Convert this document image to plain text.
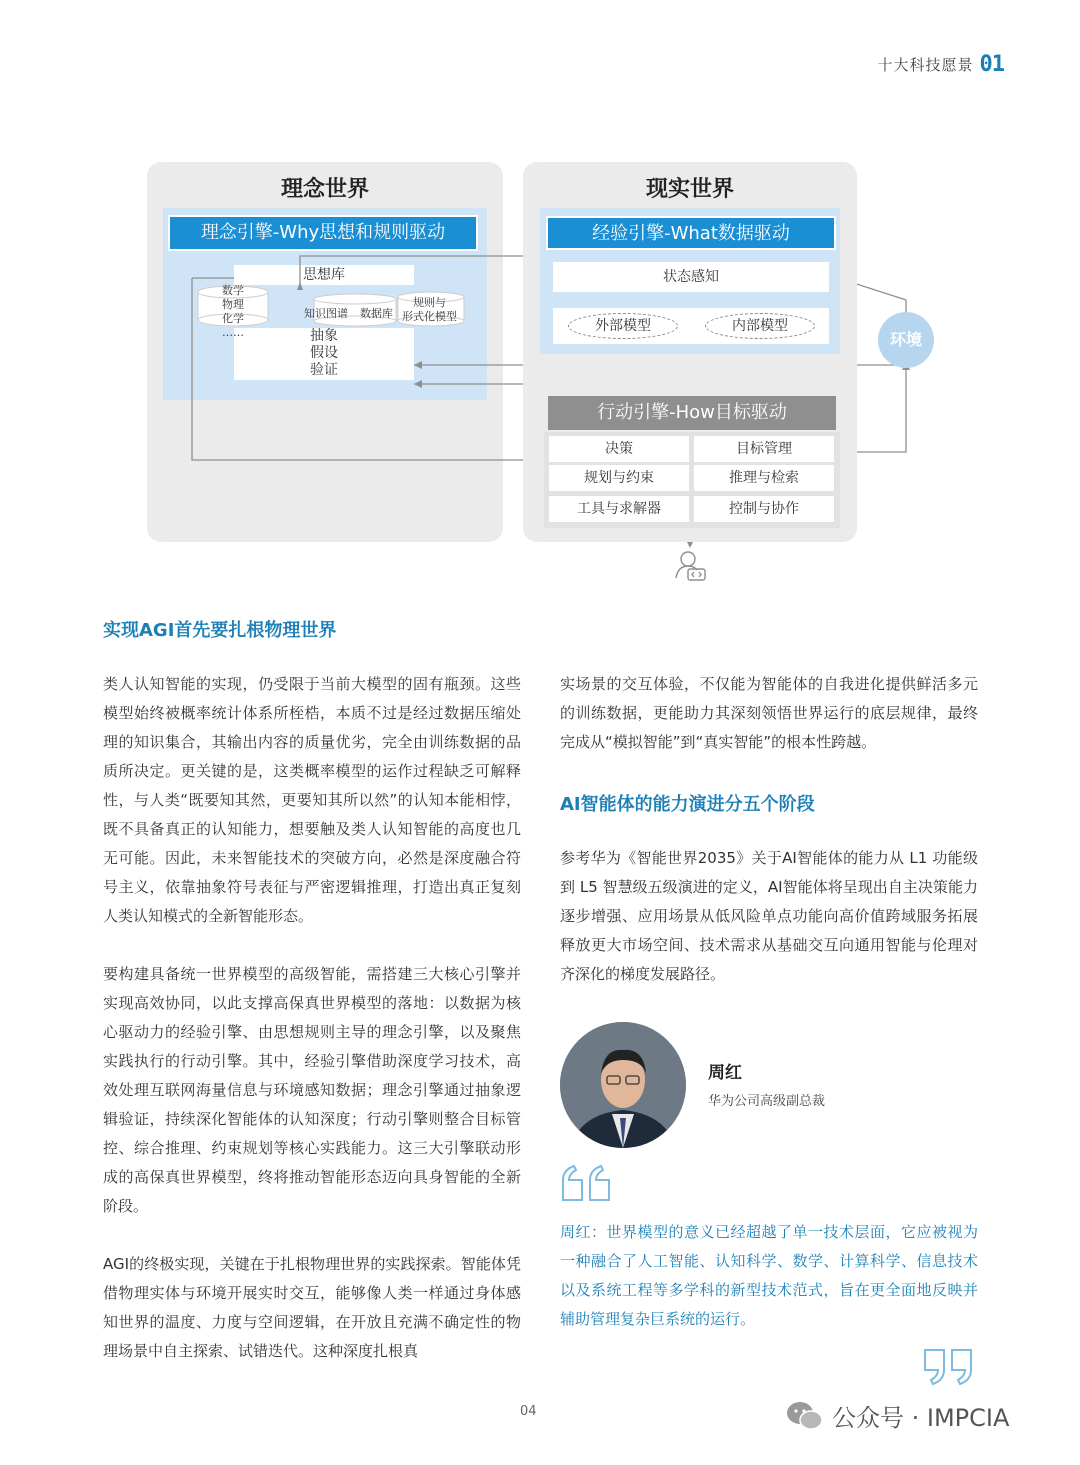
十大科技愿景 01
理念世界
理念引擎-Why思想和规则驱动
思想库
数学
物理
化学
……
知识图谱 数据库
规则与
形式化模型
抽象
假设
验证
现实世界
经验引擎-What数据驱动
状态感知
外部模型	内部模型
行动引擎-How目标驱动
决策	目标管理
规划与约束	推理与检索
工具与求解器	控制与协作
环境
实现AGI首先要扎根物理世界

类人认知智能的实现，仍受限于当前大模型的固有瓶颈。这些模型始终被概率统计体系所桎梏，本质不过是经过数据压缩处理的知识集合，其输出内容的质量优劣，完全由训练数据的品质所决定。更关键的是，这类概率模型的运作过程缺乏可解释性，与人类“既要知其然，更要知其所以然”的认知本能相悖，既不具备真正的认知能力，想要触及类人认知智能的高度也几无可能。因此，未来智能技术的突破方向，必然是深度融合符号主义，依靠抽象符号表征与严密逻辑推理，打造出真正复刻人类认知模式的全新智能形态。

要构建具备统一世界模型的高级智能，需搭建三大核心引擎并实现高效协同，以此支撑高保真世界模型的落地：以数据为核心驱动力的经验引擎、由思想规则主导的理念引擎，以及聚焦实践执行的行动引擎。其中，经验引擎借助深度学习技术，高效处理互联网海量信息与环境感知数据；理念引擎通过抽象逻辑验证，持续深化智能体的认知深度；行动引擎则整合目标管控、综合推理、约束规划等核心实践能力。这三大引擎联动形成的高保真世界模型，终将推动智能形态迈向具身智能的全新阶段。

AGI的终极实现，关键在于扎根物理世界的实践探索。智能体凭借物理实体与环境开展实时交互，能够像人类一样通过身体感知世界的温度、力度与空间逻辑，在开放且充满不确定性的物理场景中自主探索、试错迭代。这种深度扎根真

实场景的交互体验，不仅能为智能体的自我进化提供鲜活多元的训练数据，更能助力其深刻领悟世界运行的底层规律，最终完成从“模拟智能”到“真实智能”的根本性跨越。

AI智能体的能力演进分五个阶段

参考华为《智能世界2035》关于AI智能体的能力从 L1 功能级到 L5 智慧级五级演进的定义，AI智能体将呈现出自主决策能力逐步增强、应用场景从低风险单点功能向高价值跨域服务拓展释放更大市场空间、技术需求从基础交互向通用智能与伦理对齐深化的梯度发展路径。

周红
华为公司高级副总裁

周红：世界模型的意义已经超越了单一技术层面，它应被视为一种融合了人工智能、认知科学、数学、计算科学、信息技术以及系统工程等多学科的新型技术范式，旨在更全面地反映并辅助管理复杂巨系统的运行。

04	公众号 · IMPCIA
